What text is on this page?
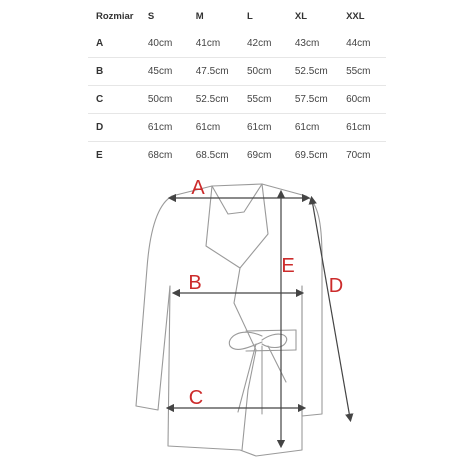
Rozmiar	S	M	L	XL	XXL
A	40cm	41cm	42cm	43cm	44cm
B	45cm	47.5cm	50cm	52.5cm	55cm
C	50cm	52.5cm	55cm	57.5cm	60cm
D	61cm	61cm	61cm	61cm	61cm
E	68cm	68.5cm	69cm	69.5cm	70cm
A
B
C
D
E
